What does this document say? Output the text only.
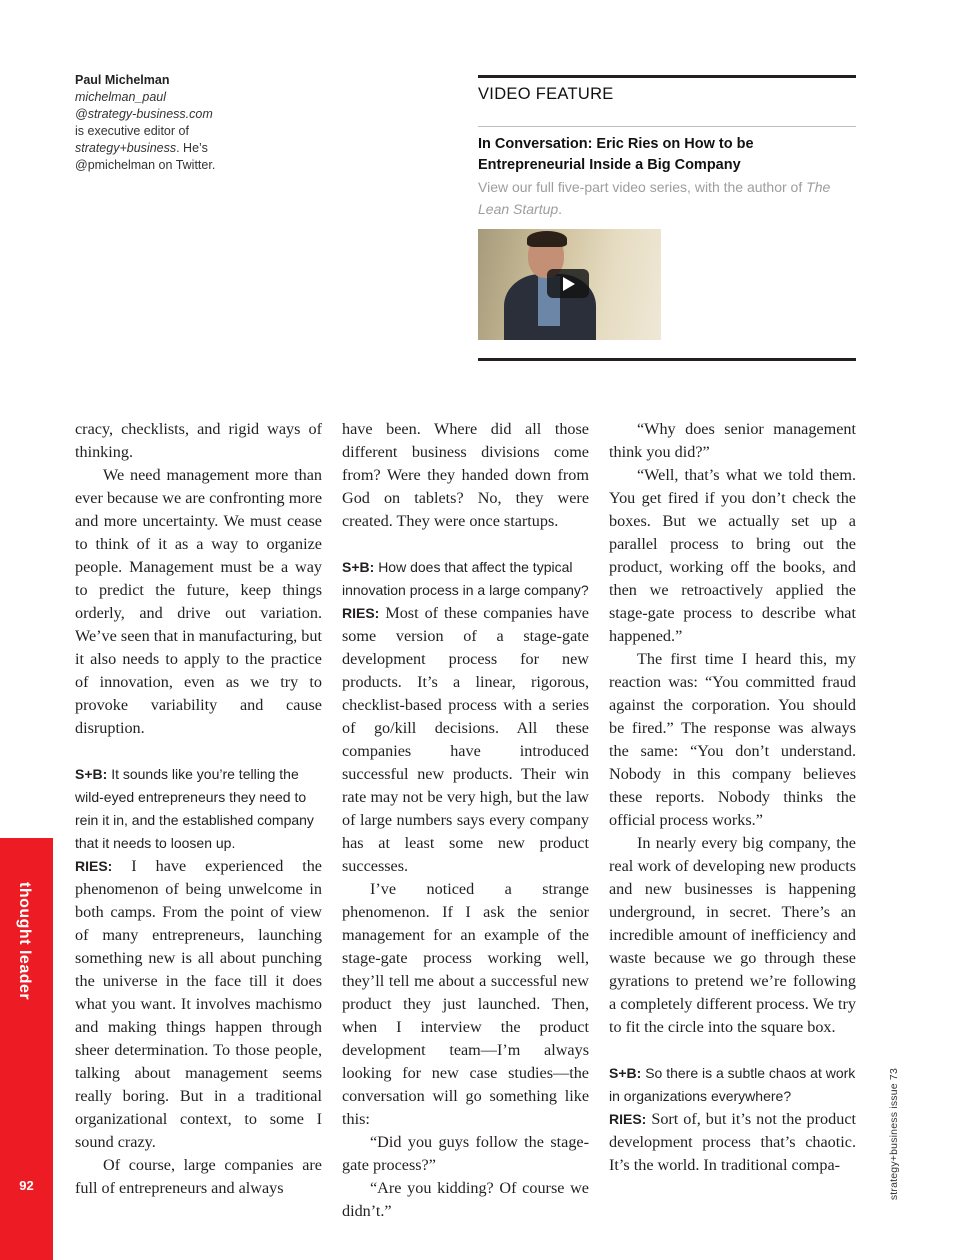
Paul Michelman
michelman_paul
@strategy-business.com
is executive editor of
strategy+business. He’s
@pmichelman on Twitter.
VIDEO FEATURE
In Conversation: Eric Ries on How to be Entrepreneurial Inside a Big Company
View our full five-part video series, with the author of The Lean Startup.

cracy, checklists, and rigid ways of thinking.

We need management more than ever because we are confronting more and more uncertainty. We must cease to think of it as a way to organize people. Management must be a way to predict the future, keep things orderly, and drive out variation. We’ve seen that in manufacturing, but it also needs to apply to the practice of innovation, even as we try to provoke variability and cause disruption.

S+B: It sounds like you’re telling the wild-eyed entrepreneurs they need to rein it in, and the established company that it needs to loosen up.

RIES: I have experienced the phenomenon of being unwelcome in both camps. From the point of view of many entrepreneurs, launching something new is all about punching the universe in the face till it does what you want. It involves machismo and making things happen through sheer determination. To those people, talking about management seems really boring. But in a traditional organizational context, to some I sound crazy.

Of course, large companies are full of entrepreneurs and always

have been. Where did all those different business divisions come from? Were they handed down from God on tablets? No, they were created. They were once startups.

S+B: How does that affect the typical innovation process in a large company?

RIES: Most of these companies have some version of a stage-gate development process for new products. It’s a linear, rigorous, checklist-based process with a series of go/kill decisions. All these companies have introduced successful new products. Their win rate may not be very high, but the law of large numbers says every company has at least some new product successes.

I’ve noticed a strange phenomenon. If I ask the senior management for an example of the stage-gate process working well, they’ll tell me about a successful new product they just launched. Then, when I interview the product development team—I’m always looking for new case studies—the conversation will go something like this:

“Did you guys follow the stage-gate process?”

“Are you kidding? Of course we didn’t.”

“Why does senior management think you did?”

“Well, that’s what we told them. You get fired if you don’t check the boxes. But we actually set up a parallel process to bring out the product, working off the books, and then we retroactively applied the stage-gate process to describe what happened.”

The first time I heard this, my reaction was: “You committed fraud against the corporation. You should be fired.” The response was always the same: “You don’t understand. Nobody in this company believes these reports. Nobody thinks the official process works.”

In nearly every big company, the real work of developing new products and new businesses is happening underground, in secret. There’s an incredible amount of inefficiency and waste because we go through these gyrations to pretend we’re following a completely different process. We try to fit the circle into the square box.

S+B: So there is a subtle chaos at work in organizations everywhere?

RIES: Sort of, but it’s not the product development process that’s chaotic. It’s the world. In traditional compa-

thought leader
92	strategy+business issue 73
